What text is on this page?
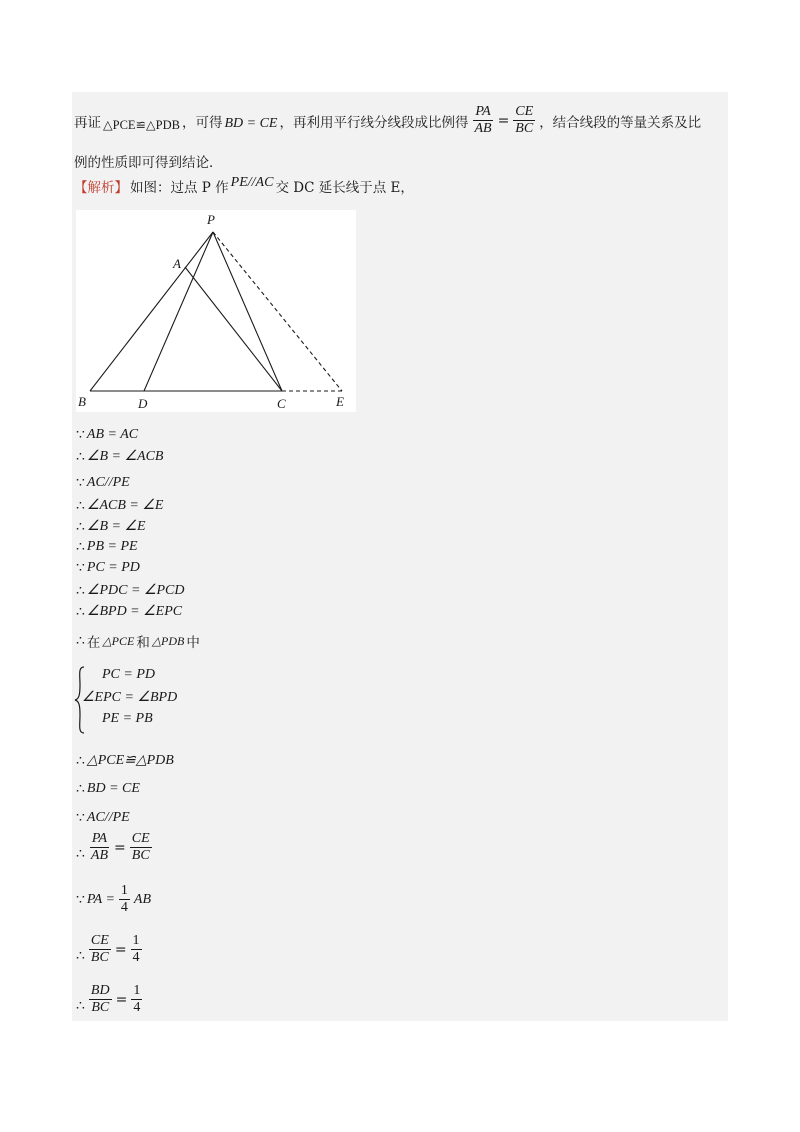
再证 △PCE≌△PDB ，可得 BD = CE ，再利用平行线分线段成比例得 $\frac{PA}{AB} = \frac{CE}{BC}$ ，结合线段的等量关系及比
例的性质即可得到结论．
【解析】 如图：过点 P 作 PE//AC 交 DC 延长线于点 E，
P
A
B	D	C	E
∵ AB = AC
∴ ∠B = ∠ACB
∵ AC//PE
∴ ∠ACB = ∠E
∴ ∠B = ∠E
∴ PB = PE
∵ PC = PD
∴ ∠PDC = ∠PCD
∴ ∠BPD = ∠EPC
∴ 在 △PCE 和 △PDB 中
PC = PD
∠EPC = ∠BPD
PE = PB
∴ △PCE≌△PDB
∴ BD = CE
∵ AC//PE
∴ $\frac{PA}{AB} = \frac{CE}{BC}$
∵ PA = $\frac{1}{4}$ AB
∴ $\frac{CE}{BC} = \frac{1}{4}$
∴ $\frac{BD}{BC} = \frac{1}{4}$
